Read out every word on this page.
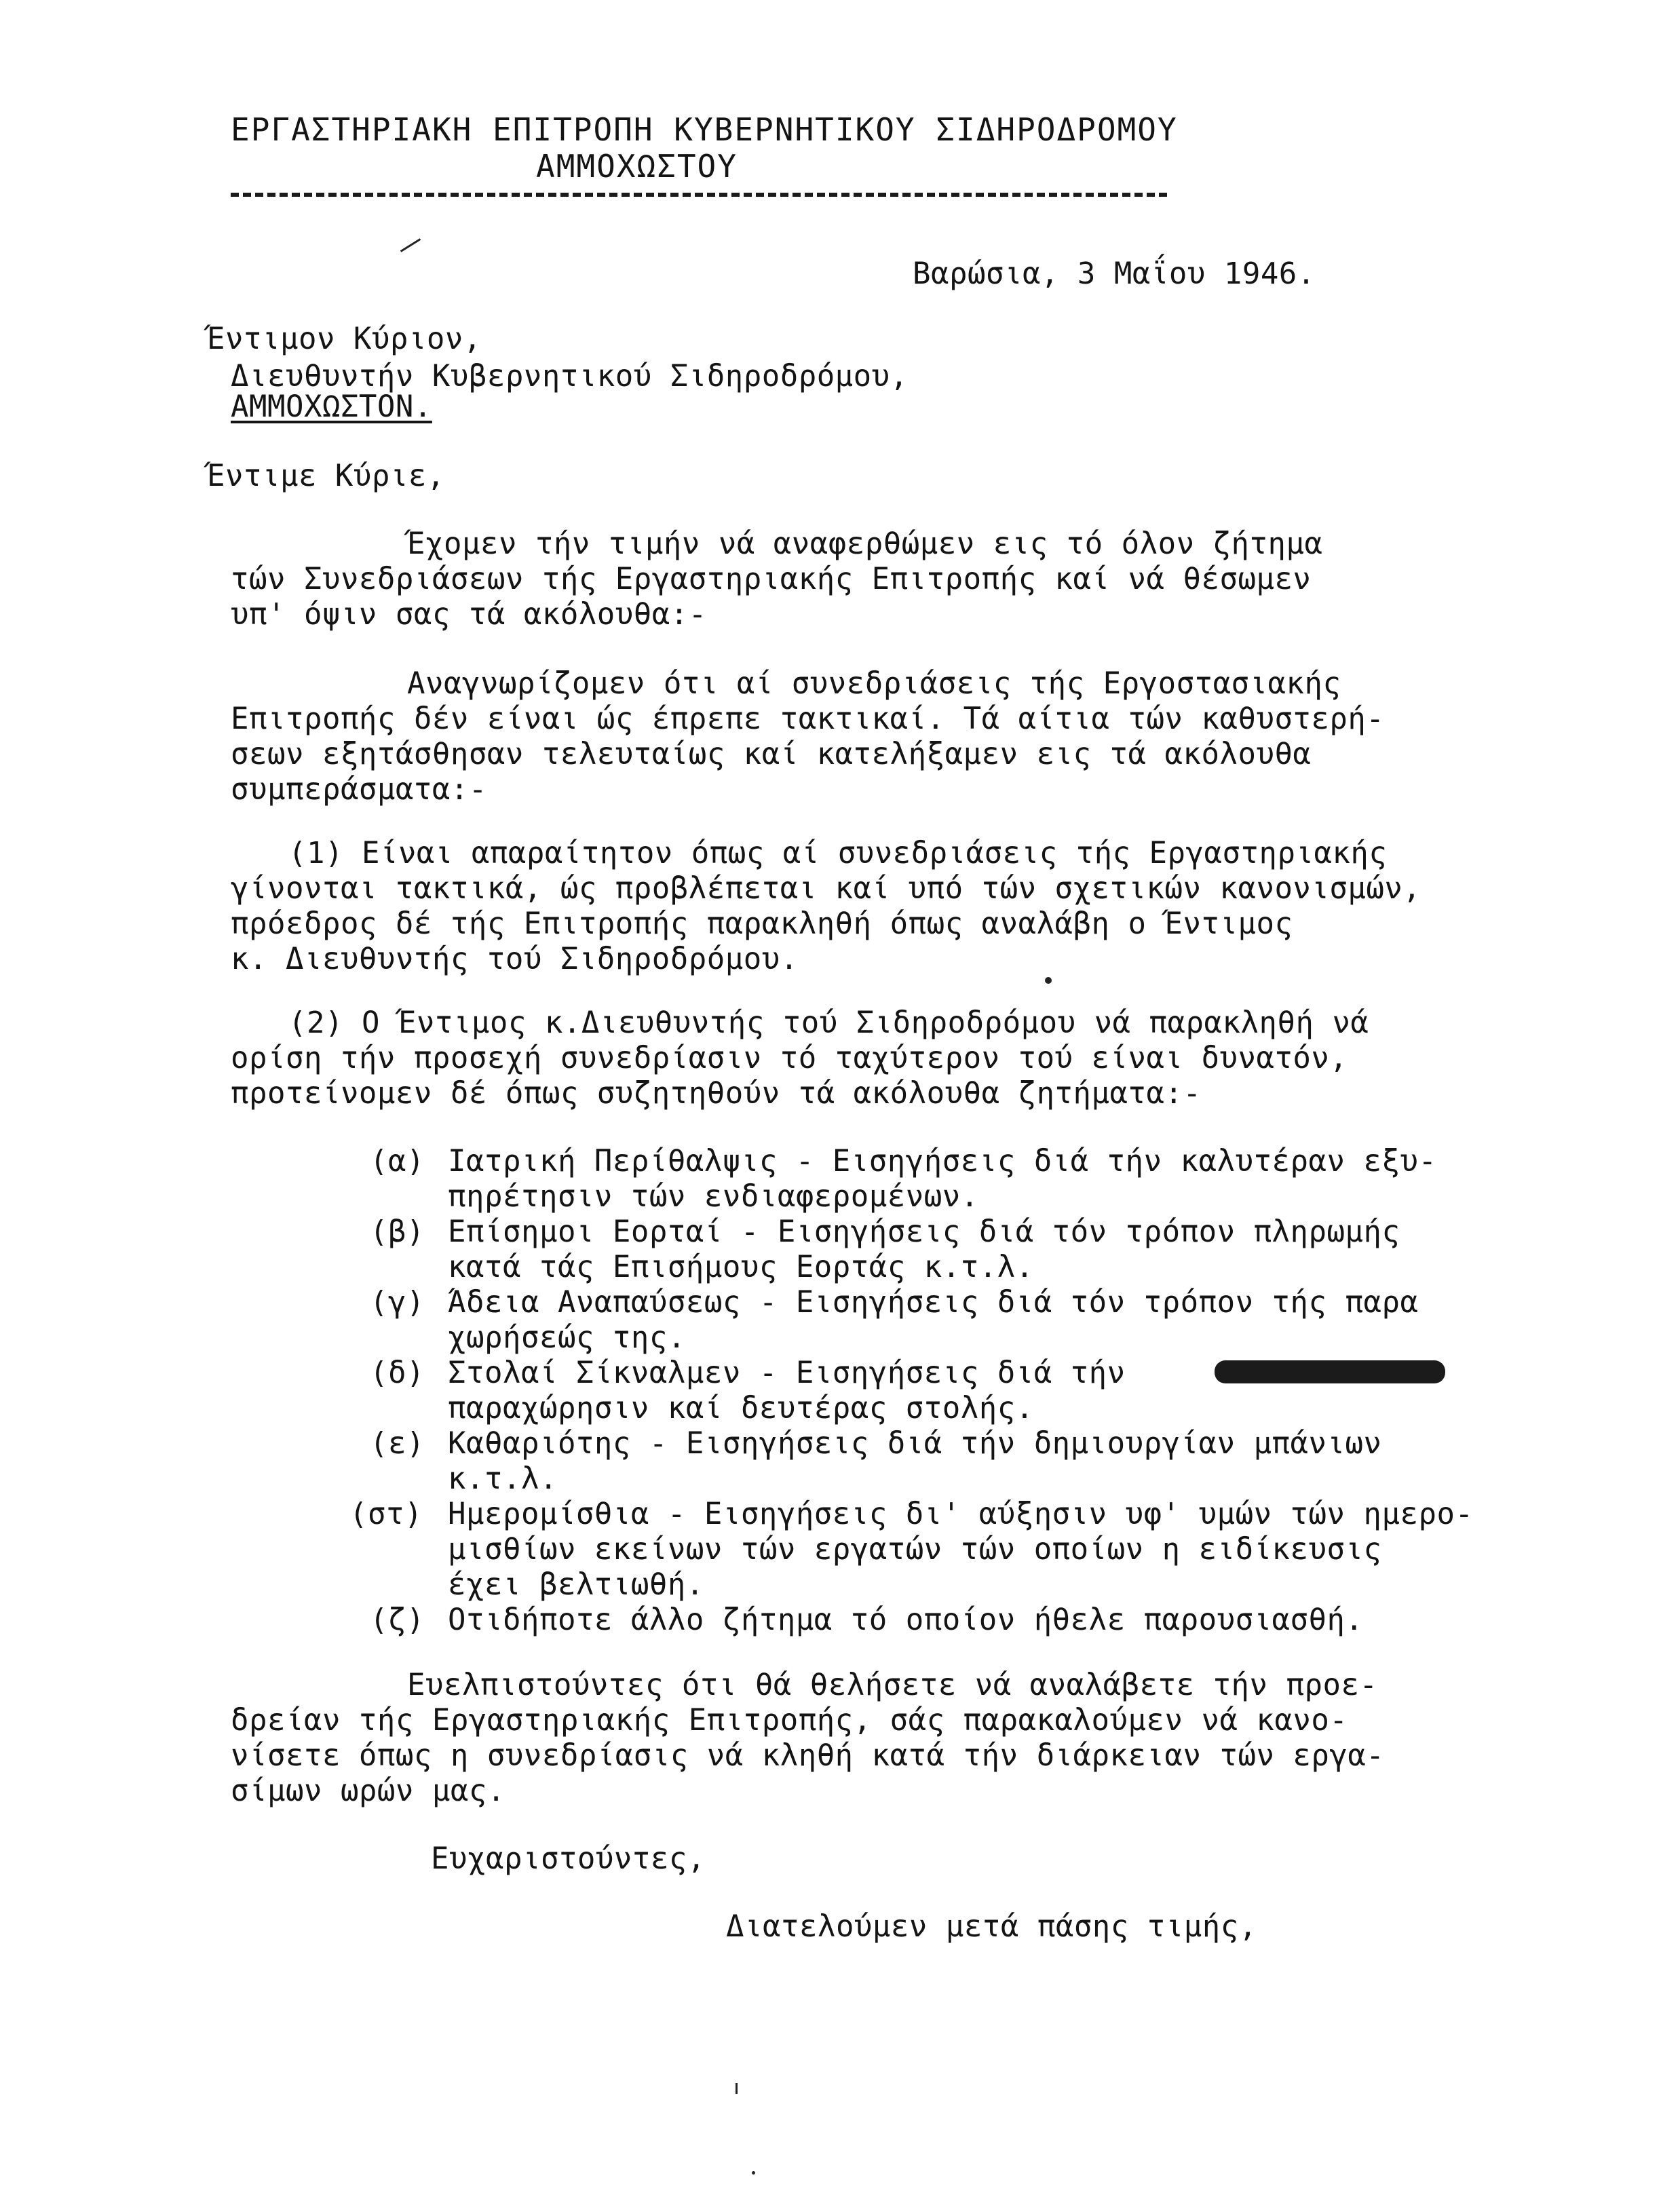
ΕΡΓΑΣΤΗΡΙΑΚΗ ΕΠΙΤΡΟΠΗ ΚΥΒΕΡΝΗΤΙΚΟΥ ΣΙΔΗΡΟΔΡΟΜΟΥ
ΑΜΜΟΧΩΣΤΟΥ
Βαρώσια, 3 Μαΐου 1946.
Έντιμον Κύριον,
Διευθυντήν Κυβερνητικού Σιδηροδρόμου,
ΑΜΜΟΧΩΣΤΟΝ.
Έντιμε Κύριε,
Έχομεν τήν τιμήν νά αναφερθώμεν εις τό όλον ζήτημα
τών Συνεδριάσεων τής Εργαστηριακής Επιτροπής καί νά θέσωμεν
υπ' όψιν σας τά ακόλουθα:-
Αναγνωρίζομεν ότι αί συνεδριάσεις τής Εργοστασιακής
Επιτροπής δέν είναι ώς έπρεπε τακτικαί. Τά αίτια τών καθυστερή-
σεων εξητάσθησαν τελευταίως καί κατελήξαμεν εις τά ακόλουθα
συμπεράσματα:-
(1) Είναι απαραίτητον όπως αί συνεδριάσεις τής Εργαστηριακής
γίνονται τακτικά, ώς προβλέπεται καί υπό τών σχετικών κανονισμών,
πρόεδρος δέ τής Επιτροπής παρακληθή όπως αναλάβη ο Έντιμος
κ. Διευθυντής τού Σιδηροδρόμου.
(2) Ο Έντιμος κ.Διευθυντής τού Σιδηροδρόμου νά παρακληθή νά
ορίση τήν προσεχή συνεδρίασιν τό ταχύτερον τού είναι δυνατόν,
προτείνομεν δέ όπως συζητηθούν τά ακόλουθα ζητήματα:-
(α) Ιατρική Περίθαλψις - Εισηγήσεις διά τήν καλυτέραν εξυ-
πηρέτησιν τών ενδιαφερομένων.
(β) Επίσημοι Εορταί - Εισηγήσεις διά τόν τρόπον πληρωμής
κατά τάς Επισήμους Εορτάς κ.τ.λ.
(γ) Άδεια Αναπαύσεως - Εισηγήσεις διά τόν τρόπον τής παρα
χωρήσεώς της.
(δ) Στολαί Σίκναλμεν - Εισηγήσεις διά τήν
παραχώρησιν καί δευτέρας στολής.
(ε) Καθαριότης - Εισηγήσεις διά τήν δημιουργίαν μπάνιων
κ.τ.λ.
(στ) Ημερομίσθια - Εισηγήσεις δι' αύξησιν υφ' υμών τών ημερο-
μισθίων εκείνων τών εργατών τών οποίων η ειδίκευσις
έχει βελτιωθή.
(ζ) Οτιδήποτε άλλο ζήτημα τό οποίον ήθελε παρουσιασθή.
Ευελπιστούντες ότι θά θελήσετε νά αναλάβετε τήν προε-
δρείαν τής Εργαστηριακής Επιτροπής, σάς παρακαλούμεν νά κανο-
νίσετε όπως η συνεδρίασις νά κληθή κατά τήν διάρκειαν τών εργα-
σίμων ωρών μας.
Ευχαριστούντες,
Διατελούμεν μετά πάσης τιμής,
